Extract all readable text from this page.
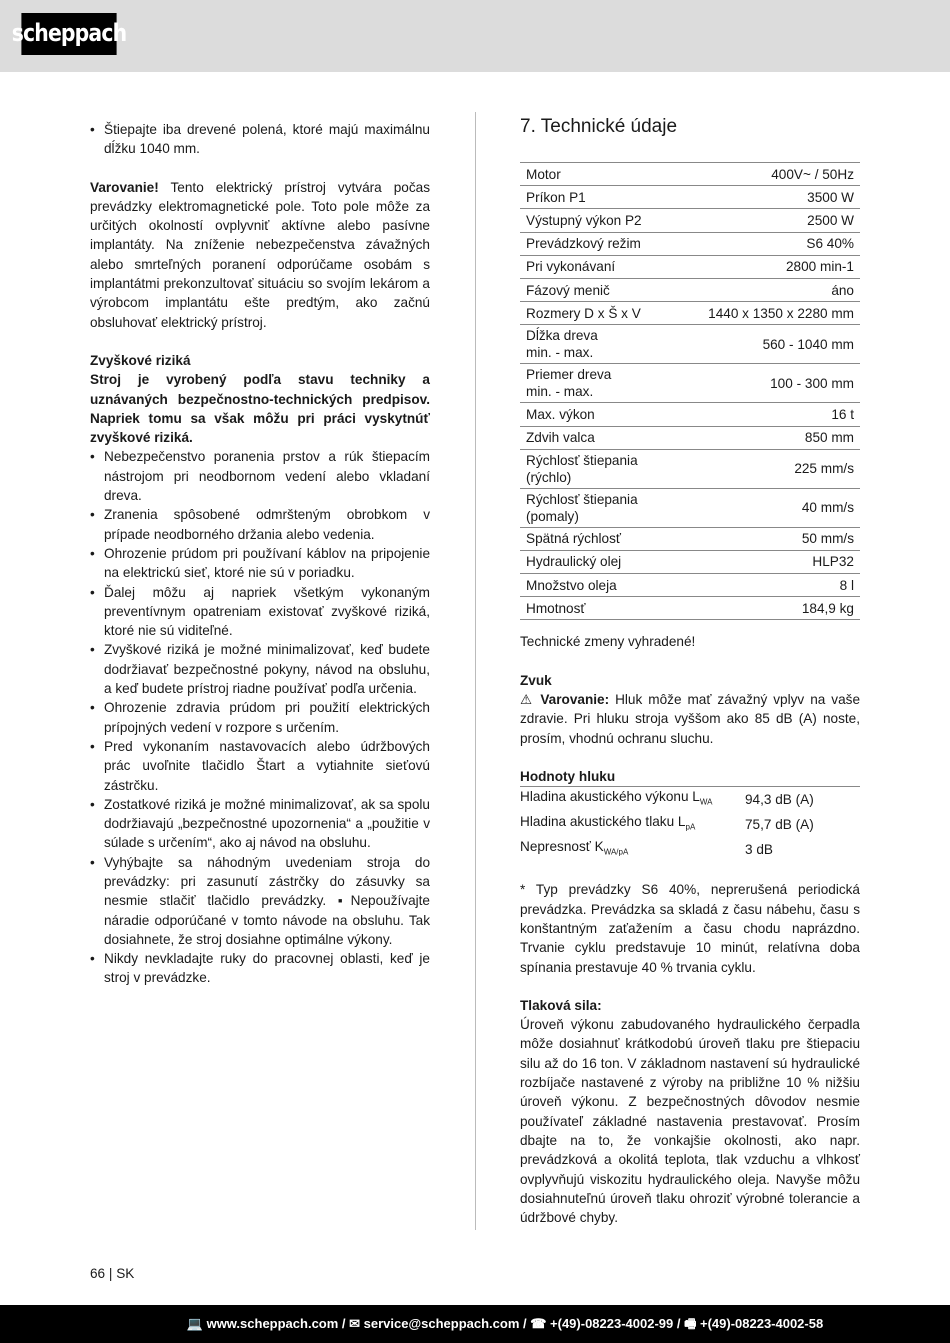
scheppach
• Štiepajte iba drevené polená, ktoré majú maximálnu dĺžku 1040 mm.

Varovanie! Tento elektrický prístroj vytvára počas prevádzky elektromagnetické pole. Toto pole môže za určitých okolností ovplyvniť aktívne alebo pasívne implantáty. Na zníženie nebezpečenstva závažných alebo smrteľných poranení odporúčame osobám s implantátmi prekonzultovať situáciu so svojím lekárom a výrobcom implantátu ešte predtým, ako začnú obsluhovať elektrický prístroj.

Zvyškové riziká

Stroj je vyrobený podľa stavu techniky a uznávaných bezpečnostno-technických predpisov. Napriek tomu sa však môžu pri práci vyskytnúť zvyškové riziká.

• Nebezpečenstvo poranenia prstov a rúk štiepacím nástrojom pri neodbornom vedení alebo vkladaní dreva.
• Zranenia spôsobené odmršteným obrobkom v prípade neodborného držania alebo vedenia.
• Ohrozenie prúdom pri používaní káblov na pripojenie na elektrickú sieť, ktoré nie sú v poriadku.
• Ďalej môžu aj napriek všetkým vykonaným preventívnym opatreniam existovať zvyškové riziká, ktoré nie sú viditeľné.
• Zvyškové riziká je možné minimalizovať, keď budete dodržiavať bezpečnostné pokyny, návod na obsluhu, a keď budete prístroj riadne používať podľa určenia.
• Ohrozenie zdravia prúdom pri použití elektrických prípojných vedení v rozpore s určením.
• Pred vykonaním nastavovacích alebo údržbových prác uvoľnite tlačidlo Štart a vytiahnite sieťovú zástrčku.
• Zostatkové riziká je možné minimalizovať, ak sa spolu dodržiavajú „bezpečnostné upozornenia“ a „použitie v súlade s určením“, ako aj návod na obsluhu.
• Vyhýbajte sa náhodným uvedeniam stroja do prevádzky: pri zasunutí zástrčky do zásuvky sa nesmie stlačiť tlačidlo prevádzky. ▪Nepoužívajte náradie odporúčané v tomto návode na obsluhu. Tak dosiahnete, že stroj dosiahne optimálne výkony.
• Nikdy nevkladajte ruky do pracovnej oblasti, keď je stroj v prevádzke.
7. Technické údaje
Motor	400V~ / 50Hz
Príkon P1	3500 W
Výstupný výkon P2	2500 W
Prevádzkový režim	S6 40%
Pri vykonávaní	2800 min-1
Fázový menič	áno
Rozmery D x Š x V	1440 x 1350 x 2280 mm
Dĺžka dreva
min. - max.	560 - 1040 mm
Priemer dreva
min. - max.	100 - 300 mm
Max. výkon	16 t
Zdvih valca	850 mm
Rýchlosť štiepania
(rýchlo)	225 mm/s
Rýchlosť štiepania
(pomaly)	40 mm/s
Spätná rýchlosť	50 mm/s
Hydraulický olej	HLP32
Množstvo oleja	8 l
Hmotnosť	184,9 kg

Technické zmeny vyhradené!

Zvuk

⚠ Varovanie: Hluk môže mať závažný vplyv na vaše zdravie. Pri hluku stroja vyššom ako 85 dB (A) noste, prosím, vhodnú ochranu sluchu.

Hodnoty hluku
Hladina akustického výkonu $L_{WA}$	94,3 dB (A)
Hladina akustického tlaku $L_{pA}$	75,7 dB (A)
Nepresnosť $K_{WA/pA}$	3 dB

* Typ prevádzky S6 40%, neprerušená periodická prevádzka. Prevádzka sa skladá z času nábehu, času s konštantným zaťažením a času chodu naprázdno. Trvanie cyklu predstavuje 10 minút, relatívna doba spínania prestavuje 40 % trvania cyklu.

Tlaková sila:

Úroveň výkonu zabudovaného hydraulického čerpadla môže dosiahnuť krátkodobú úroveň tlaku pre štiepaciu silu až do 16 ton. V základnom nastavení sú hydraulické rozbíjače nastavené z výroby na približne 10 % nižšiu úroveň výkonu. Z bezpečnostných dôvodov nesmie používateľ základné nastavenia prestavovať. Prosím dbajte na to, že vonkajšie okolnosti, ako napr. prevádzková a okolitá teplota, tlak vzduchu a vlhkosť ovplyvňujú viskozitu hydraulického oleja. Navyše môžu dosiahnuteľnú úroveň tlaku ohroziť výrobné tolerancie a údržbové chyby.

66 | SK
💻 www.scheppach.com / ✉ service@scheppach.com / ☎ +(49)-08223-4002-99 / 🖷 +(49)-08223-4002-58
